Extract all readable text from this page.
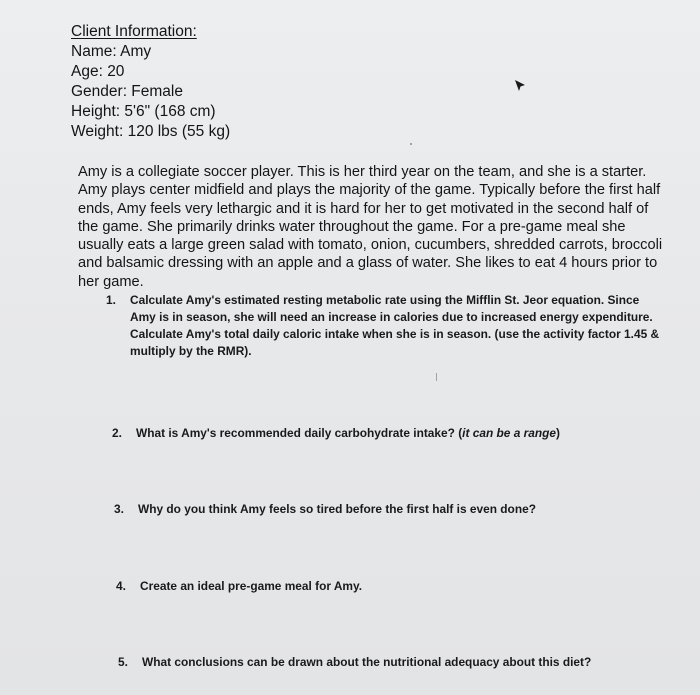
Client Information:
Name: Amy
Age: 20
Gender: Female
Height: 5'6" (168 cm)
Weight: 120 lbs (55 kg)
Amy is a collegiate soccer player. This is her third year on the team, and she is a starter. Amy plays center midfield and plays the majority of the game. Typically before the first half ends, Amy feels very lethargic and it is hard for her to get motivated in the second half of the game. She primarily drinks water throughout the game. For a pre-game meal she usually eats a large green salad with tomato, onion, cucumbers, shredded carrots, broccoli and balsamic dressing with an apple and a glass of water. She likes to eat 4 hours prior to her game.
1. Calculate Amy's estimated resting metabolic rate using the Mifflin St. Jeor equation. Since Amy is in season, she will need an increase in calories due to increased energy expenditure. Calculate Amy's total daily caloric intake when she is in season. (use the activity factor 1.45 & multiply by the RMR).
2. What is Amy's recommended daily carbohydrate intake? (it can be a range)
3. Why do you think Amy feels so tired before the first half is even done?
4. Create an ideal pre-game meal for Amy.
5. What conclusions can be drawn about the nutritional adequacy about this diet?
